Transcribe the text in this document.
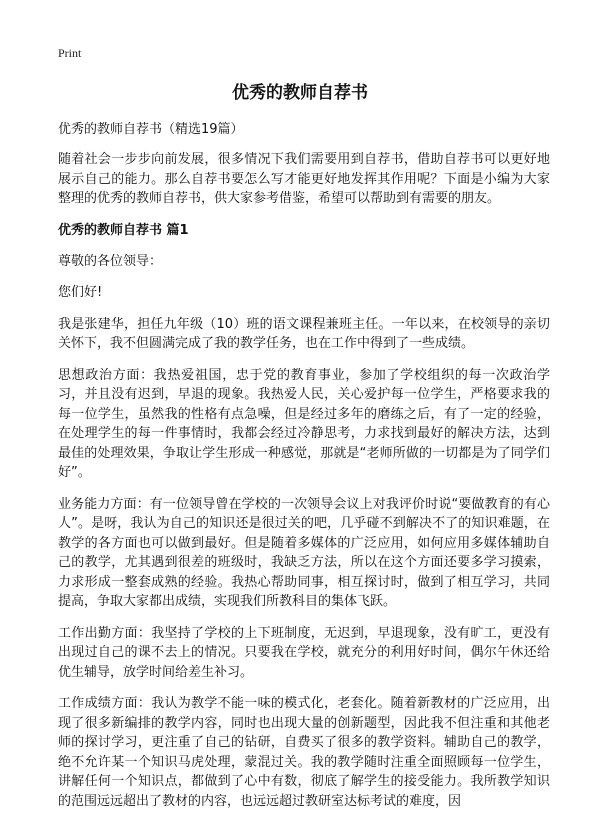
Print
优秀的教师自荐书

优秀的教师自荐书（精选19篇）

随着社会一步步向前发展，很多情况下我们需要用到自荐书，借助自荐书可以更好地展示自己的能力。那么自荐书要怎么写才能更好地发挥其作用呢？下面是小编为大家整理的优秀的教师自荐书，供大家参考借鉴，希望可以帮助到有需要的朋友。

优秀的教师自荐书 篇1

尊敬的各位领导：

您们好!

我是张建华，担任九年级（10）班的语文课程兼班主任。一年以来，在校领导的亲切关怀下，我不但圆满完成了我的教学任务，也在工作中得到了一些成绩。

思想政治方面：我热爱祖国，忠于党的教育事业，参加了学校组织的每一次政治学习，并且没有迟到，早退的现象。我热爱人民，关心爱护每一位学生，严格要求我的每一位学生，虽然我的性格有点急噪，但是经过多年的磨练之后，有了一定的经验，在处理学生的每一件事情时，我都会经过冷静思考，力求找到最好的解决方法，达到最佳的处理效果，争取让学生形成一种感觉，那就是“老师所做的一切都是为了同学们好”。

业务能力方面：有一位领导曾在学校的一次领导会议上对我评价时说“要做教育的有心人”。是呀，我认为自己的知识还是很过关的吧，几乎碰不到解决不了的知识难题，在教学的各方面也可以做到最好。但是随着多媒体的广泛应用，如何应用多媒体辅助自己的教学，尤其遇到很差的班级时，我缺乏方法，所以在这个方面还要多学习摸索，力求形成一整套成熟的经验。我热心帮助同事，相互探讨时，做到了相互学习，共同提高，争取大家都出成绩，实现我们所教科目的集体飞跃。

工作出勤方面：我坚持了学校的上下班制度，无迟到，早退现象，没有旷工，更没有出现过自己的课不去上的情况。只要我在学校，就充分的利用好时间，偶尔午休还给优生辅导，放学时间给差生补习。

工作成绩方面：我认为教学不能一味的模式化，老套化。随着新教材的广泛应用，出现了很多新编排的教学内容，同时也出现大量的创新题型，因此我不但注重和其他老师的探讨学习，更注重了自己的钻研，自费买了很多的教学资料。辅助自己的教学，绝不允许某一个知识马虎处理，蒙混过关。我的教学随时注重全面照顾每一位学生，讲解任何一个知识点，都做到了心中有数，彻底了解学生的接受能力。我所教学知识的范围远远超出了教材的内容，也远远超过教研室达标考试的难度，因
